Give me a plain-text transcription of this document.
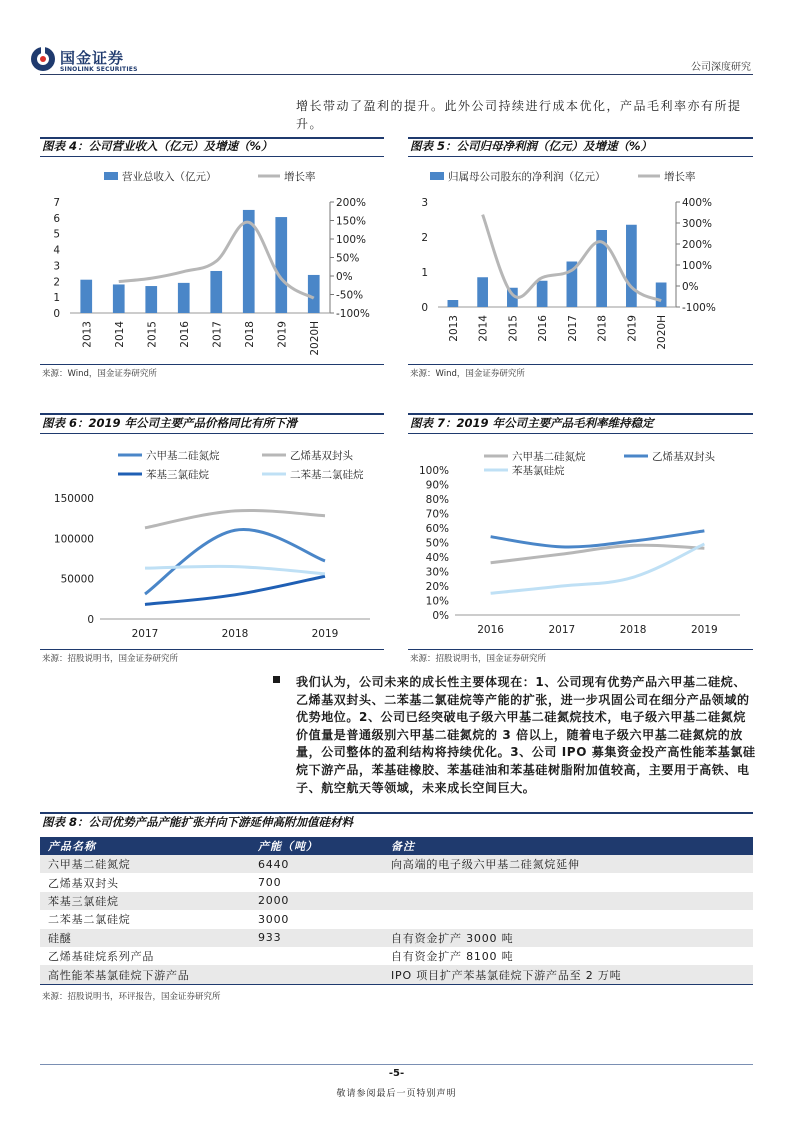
国金证券
SINOLINK SECURITIES	公司深度研究
增长带动了盈利的提升。此外公司持续进行成本优化，产品毛利率亦有所提升。
图表 4：公司营业收入（亿元）及增速（%）
营业总收入（亿元）	增长率
0
1
2
3
4
5
6
7
-100%
-50%
0%
50%
100%
150%
200%
2013 2014 2015 2016 2017 2018 2019 2020H
来源：Wind，国金证券研究所
图表 5：公司归母净利润（亿元）及增速（%）
归属母公司股东的净利润（亿元）	增长率
0
1
2
3
-100%
0%
100%
200%
300%
400%
2013 2014 2015 2016 2017 2018 2019 2020H
来源：Wind，国金证券研究所
图表 6：2019 年公司主要产品价格同比有所下滑
六甲基二硅氮烷	乙烯基双封头
苯基三氯硅烷	二苯基二氯硅烷
0
50000
100000
150000
2017	2018	2019
来源：招股说明书，国金证券研究所
图表 7：2019 年公司主要产品毛利率维持稳定
六甲基二硅氮烷	乙烯基双封头
苯基氯硅烷
0%
10%
20%
30%
40%
50%
60%
70%
80%
90%
100%
2016	2017	2018	2019
来源：招股说明书，国金证券研究所
我们认为，公司未来的成长性主要体现在：1、公司现有优势产品六甲基二硅烷、乙烯基双封头、二苯基二氯硅烷等产能的扩张，进一步巩固公司在细分产品领域的优势地位。2、公司已经突破电子级六甲基二硅氮烷技术，电子级六甲基二硅氮烷价值量是普通级别六甲基二硅氮烷的 3 倍以上，随着电子级六甲基二硅氮烷的放量，公司整体的盈利结构将持续优化。3、公司 IPO 募集资金投产高性能苯基氯硅烷下游产品，苯基硅橡胶、苯基硅油和苯基硅树脂附加值较高，主要用于高铁、电子、航空航天等领域，未来成长空间巨大。
图表 8：公司优势产品产能扩张并向下游延伸高附加值硅材料
产品名称	产能（吨）	备注
六甲基二硅氮烷	6440	向高端的电子级六甲基二硅氮烷延伸
乙烯基双封头	700	
苯基三氯硅烷	2000	
二苯基二氯硅烷	3000	
硅醚	933	自有资金扩产 3000 吨
乙烯基硅烷系列产品		自有资金扩产 8100 吨
高性能苯基氯硅烷下游产品		IPO 项目扩产苯基氯硅烷下游产品至 2 万吨
来源：招股说明书，环评报告，国金证券研究所
-5-
敬请参阅最后一页特别声明
